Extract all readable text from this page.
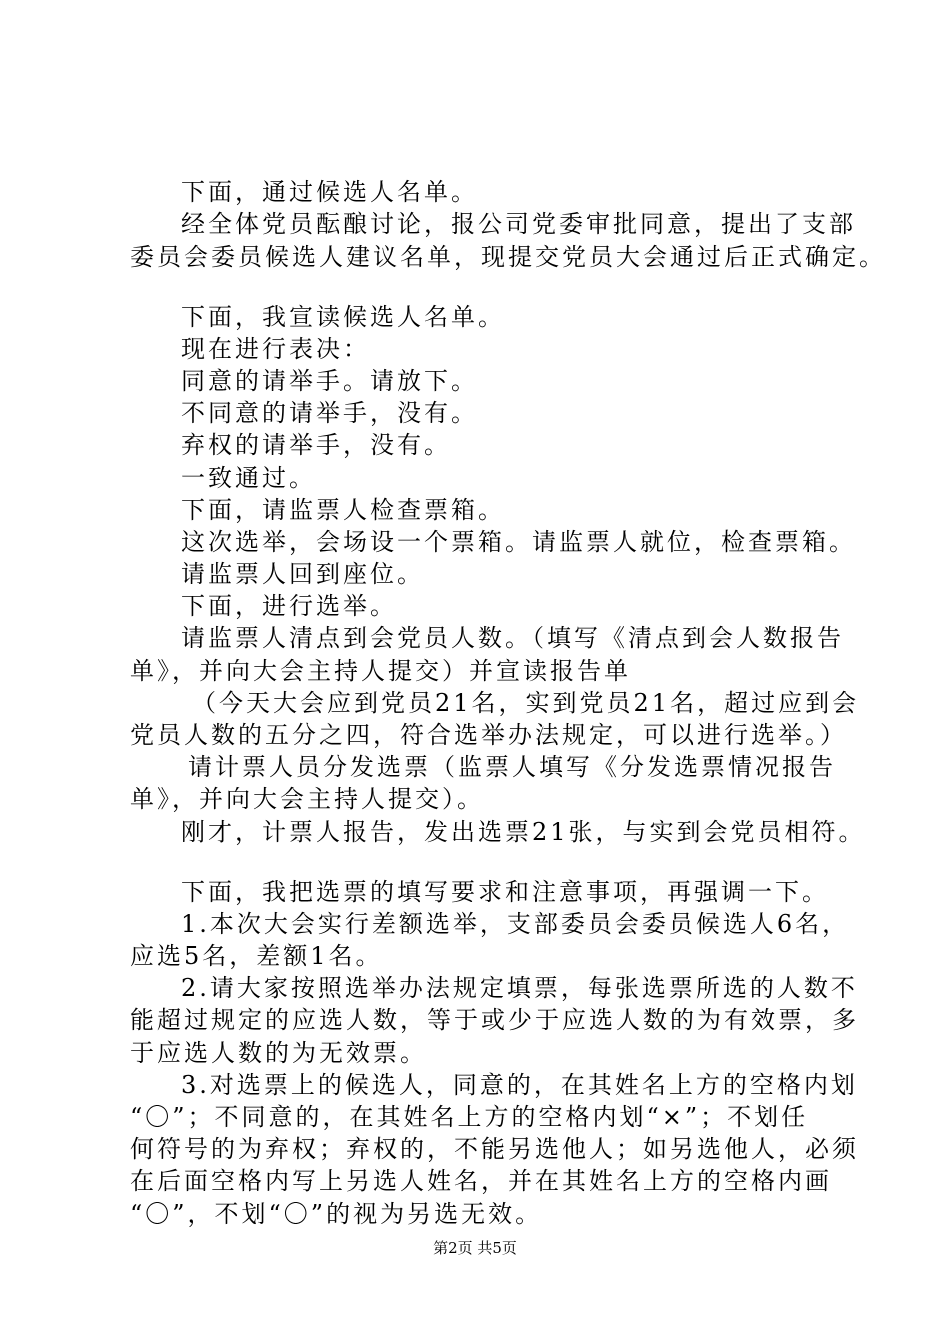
下面，通过候选人名单。
经全体党员酝酿讨论，报公司党委审批同意，提出了支部
委员会委员候选人建议名单，现提交党员大会通过后正式确定。
下面，我宣读候选人名单。
现在进行表决：
同意的请举手。请放下。
不同意的请举手，没有。
弃权的请举手，没有。
一致通过。
下面，请监票人检查票箱。
这次选举，会场设一个票箱。请监票人就位，检查票箱。
请监票人回到座位。
下面，进行选举。
请监票人清点到会党员人数。（填写《清点到会人数报告
单》，并向大会主持人提交）并宣读报告单
（今天大会应到党员21名，实到党员21名，超过应到会
党员人数的五分之四，符合选举办法规定，可以进行选举。）
请计票人员分发选票（监票人填写《分发选票情况报告
单》，并向大会主持人提交）。
刚才，计票人报告，发出选票21张，与实到会党员相符。
下面，我把选票的填写要求和注意事项，再强调一下。
1.本次大会实行差额选举，支部委员会委员候选人6名，
应选5名，差额1名。
2.请大家按照选举办法规定填票，每张选票所选的人数不
能超过规定的应选人数，等于或少于应选人数的为有效票，多
于应选人数的为无效票。
3.对选票上的候选人，同意的，在其姓名上方的空格内划
“〇”；不同意的，在其姓名上方的空格内划“×”；不划任
何符号的为弃权；弃权的，不能另选他人；如另选他人，必须
在后面空格内写上另选人姓名，并在其姓名上方的空格内画
“〇”，不划“〇”的视为另选无效。
第2页 共5页
